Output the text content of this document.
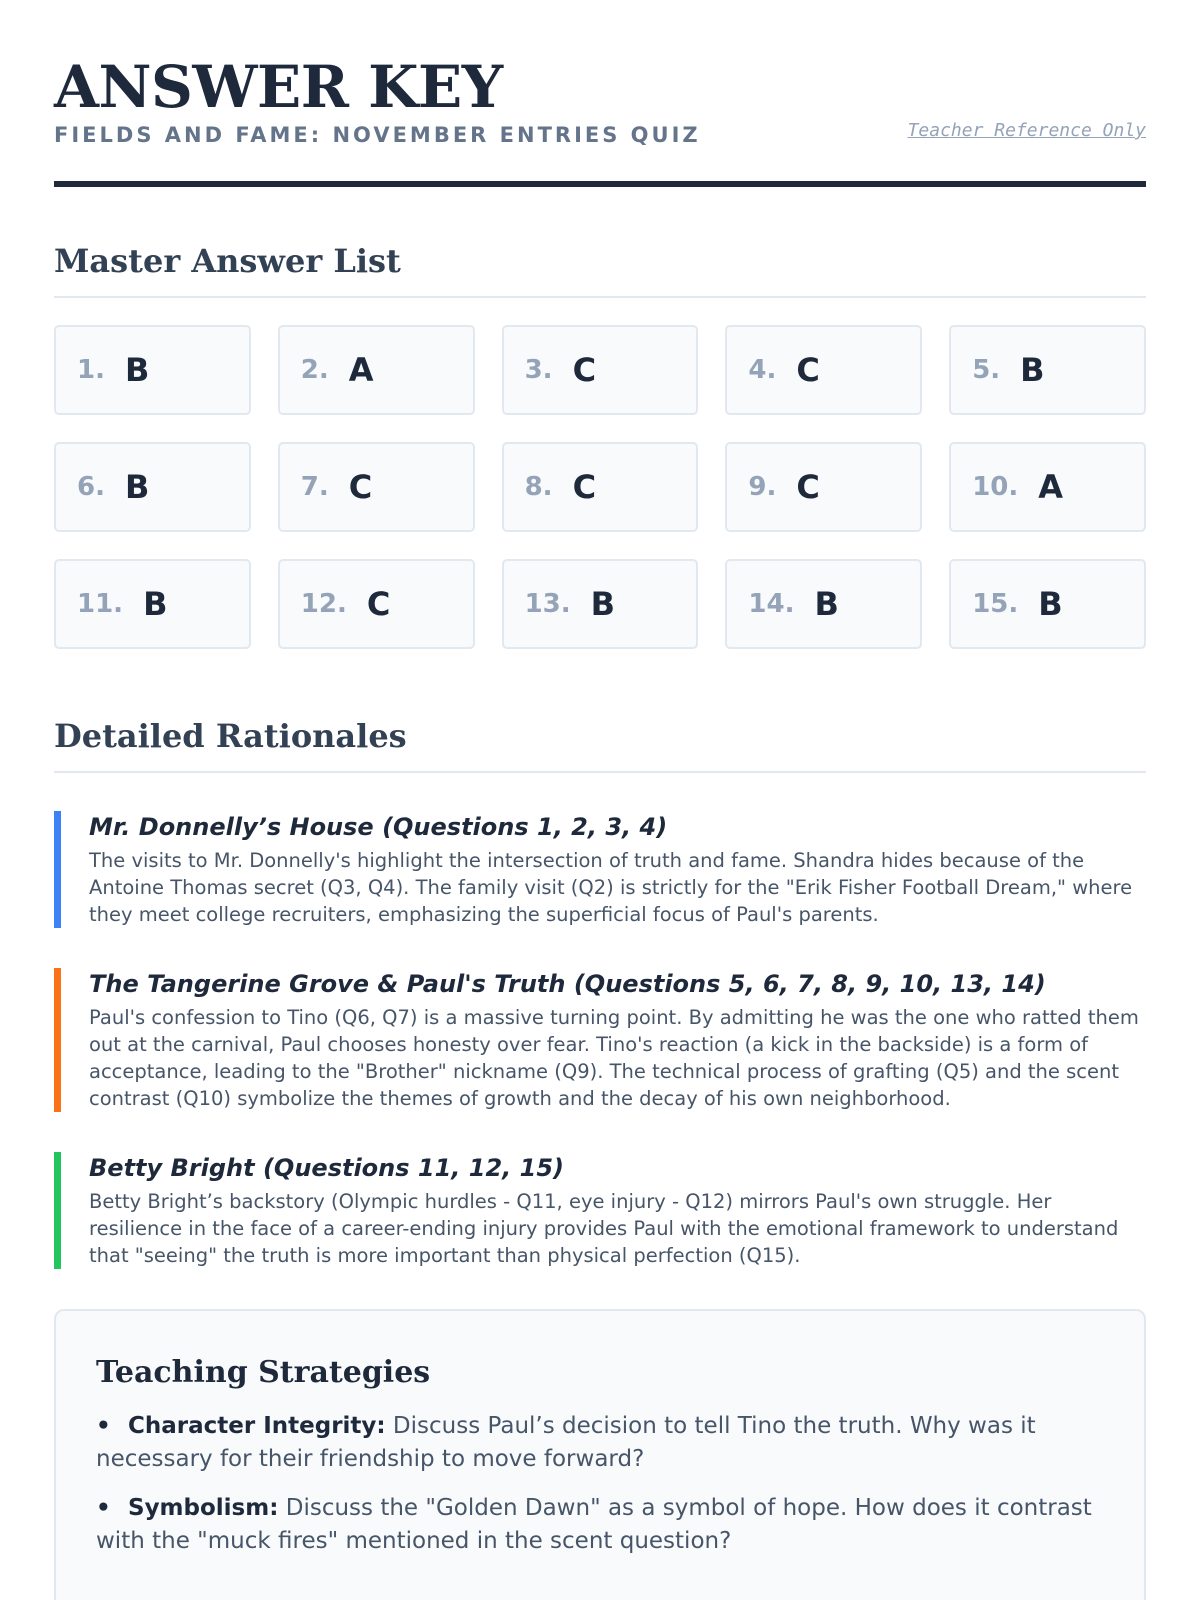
ANSWER KEY
FIELDS AND FAME: NOVEMBER ENTRIES QUIZ	Teacher Reference Only
Master Answer List
1. B	2. A	3. C	4. C	5. B
6. B	7. C	8. C	9. C	10. A
11. B	12. C	13. B	14. B	15. B
Detailed Rationales
Mr. Donnelly’s House (Questions 1, 2, 3, 4)

The visits to Mr. Donnelly's highlight the intersection of truth and fame. Shandra hides because of the Antoine Thomas secret (Q3, Q4). The family visit (Q2) is strictly for the "Erik Fisher Football Dream," where they meet college recruiters, emphasizing the superficial focus of Paul's parents.

The Tangerine Grove & Paul's Truth (Questions 5, 6, 7, 8, 9, 10, 13, 14)

Paul's confession to Tino (Q6, Q7) is a massive turning point. By admitting he was the one who ratted them out at the carnival, Paul chooses honesty over fear. Tino's reaction (a kick in the backside) is a form of acceptance, leading to the "Brother" nickname (Q9). The technical process of grafting (Q5) and the scent contrast (Q10) symbolize the themes of growth and the decay of his own neighborhood.

Betty Bright (Questions 11, 12, 15)

Betty Bright’s backstory (Olympic hurdles - Q11, eye injury - Q12) mirrors Paul's own struggle. Her resilience in the face of a career-ending injury provides Paul with the emotional framework to understand that "seeing" the truth is more important than physical perfection (Q15).

Teaching Strategies
• Character Integrity: Discuss Paul’s decision to tell Tino the truth. Why was it necessary for their friendship to move forward?
• Symbolism: Discuss the "Golden Dawn" as a symbol of hope. How does it contrast with the "muck fires" mentioned in the scent question?
